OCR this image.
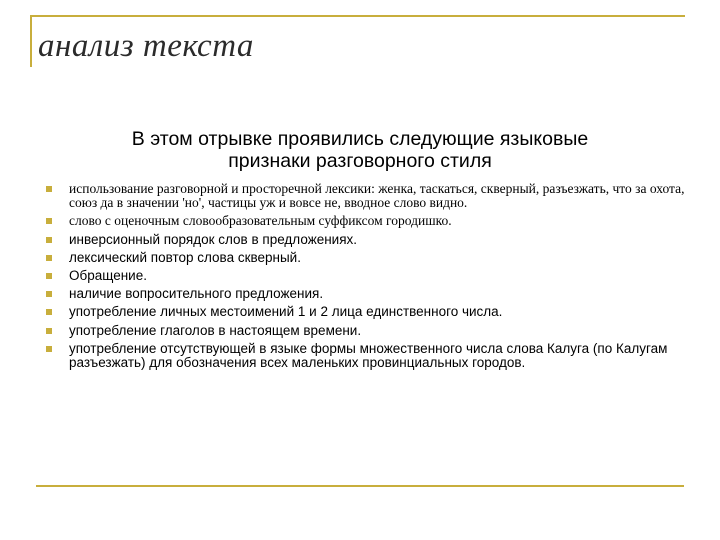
анализ текста
В этом отрывке проявились следующие языковые
признаки разговорного стиля
использование разговорной и просторечной лексики: женка, таскаться, скверный, разъезжать, что за охота, союз да в значении 'но', частицы уж и вовсе не, вводное слово видно.
слово с оценочным словообразовательным суффиксом городишко.
инверсионный порядок слов в предложениях.
лексический повтор слова скверный.
Обращение.
наличие вопросительного предложения.
употребление личных местоимений 1 и 2 лица единственного числа.
употребление глаголов в настоящем времени.
употребление отсутствующей в языке формы множественного числа слова Калуга (по Калугам разъезжать) для обозначения всех маленьких провинциальных городов.
